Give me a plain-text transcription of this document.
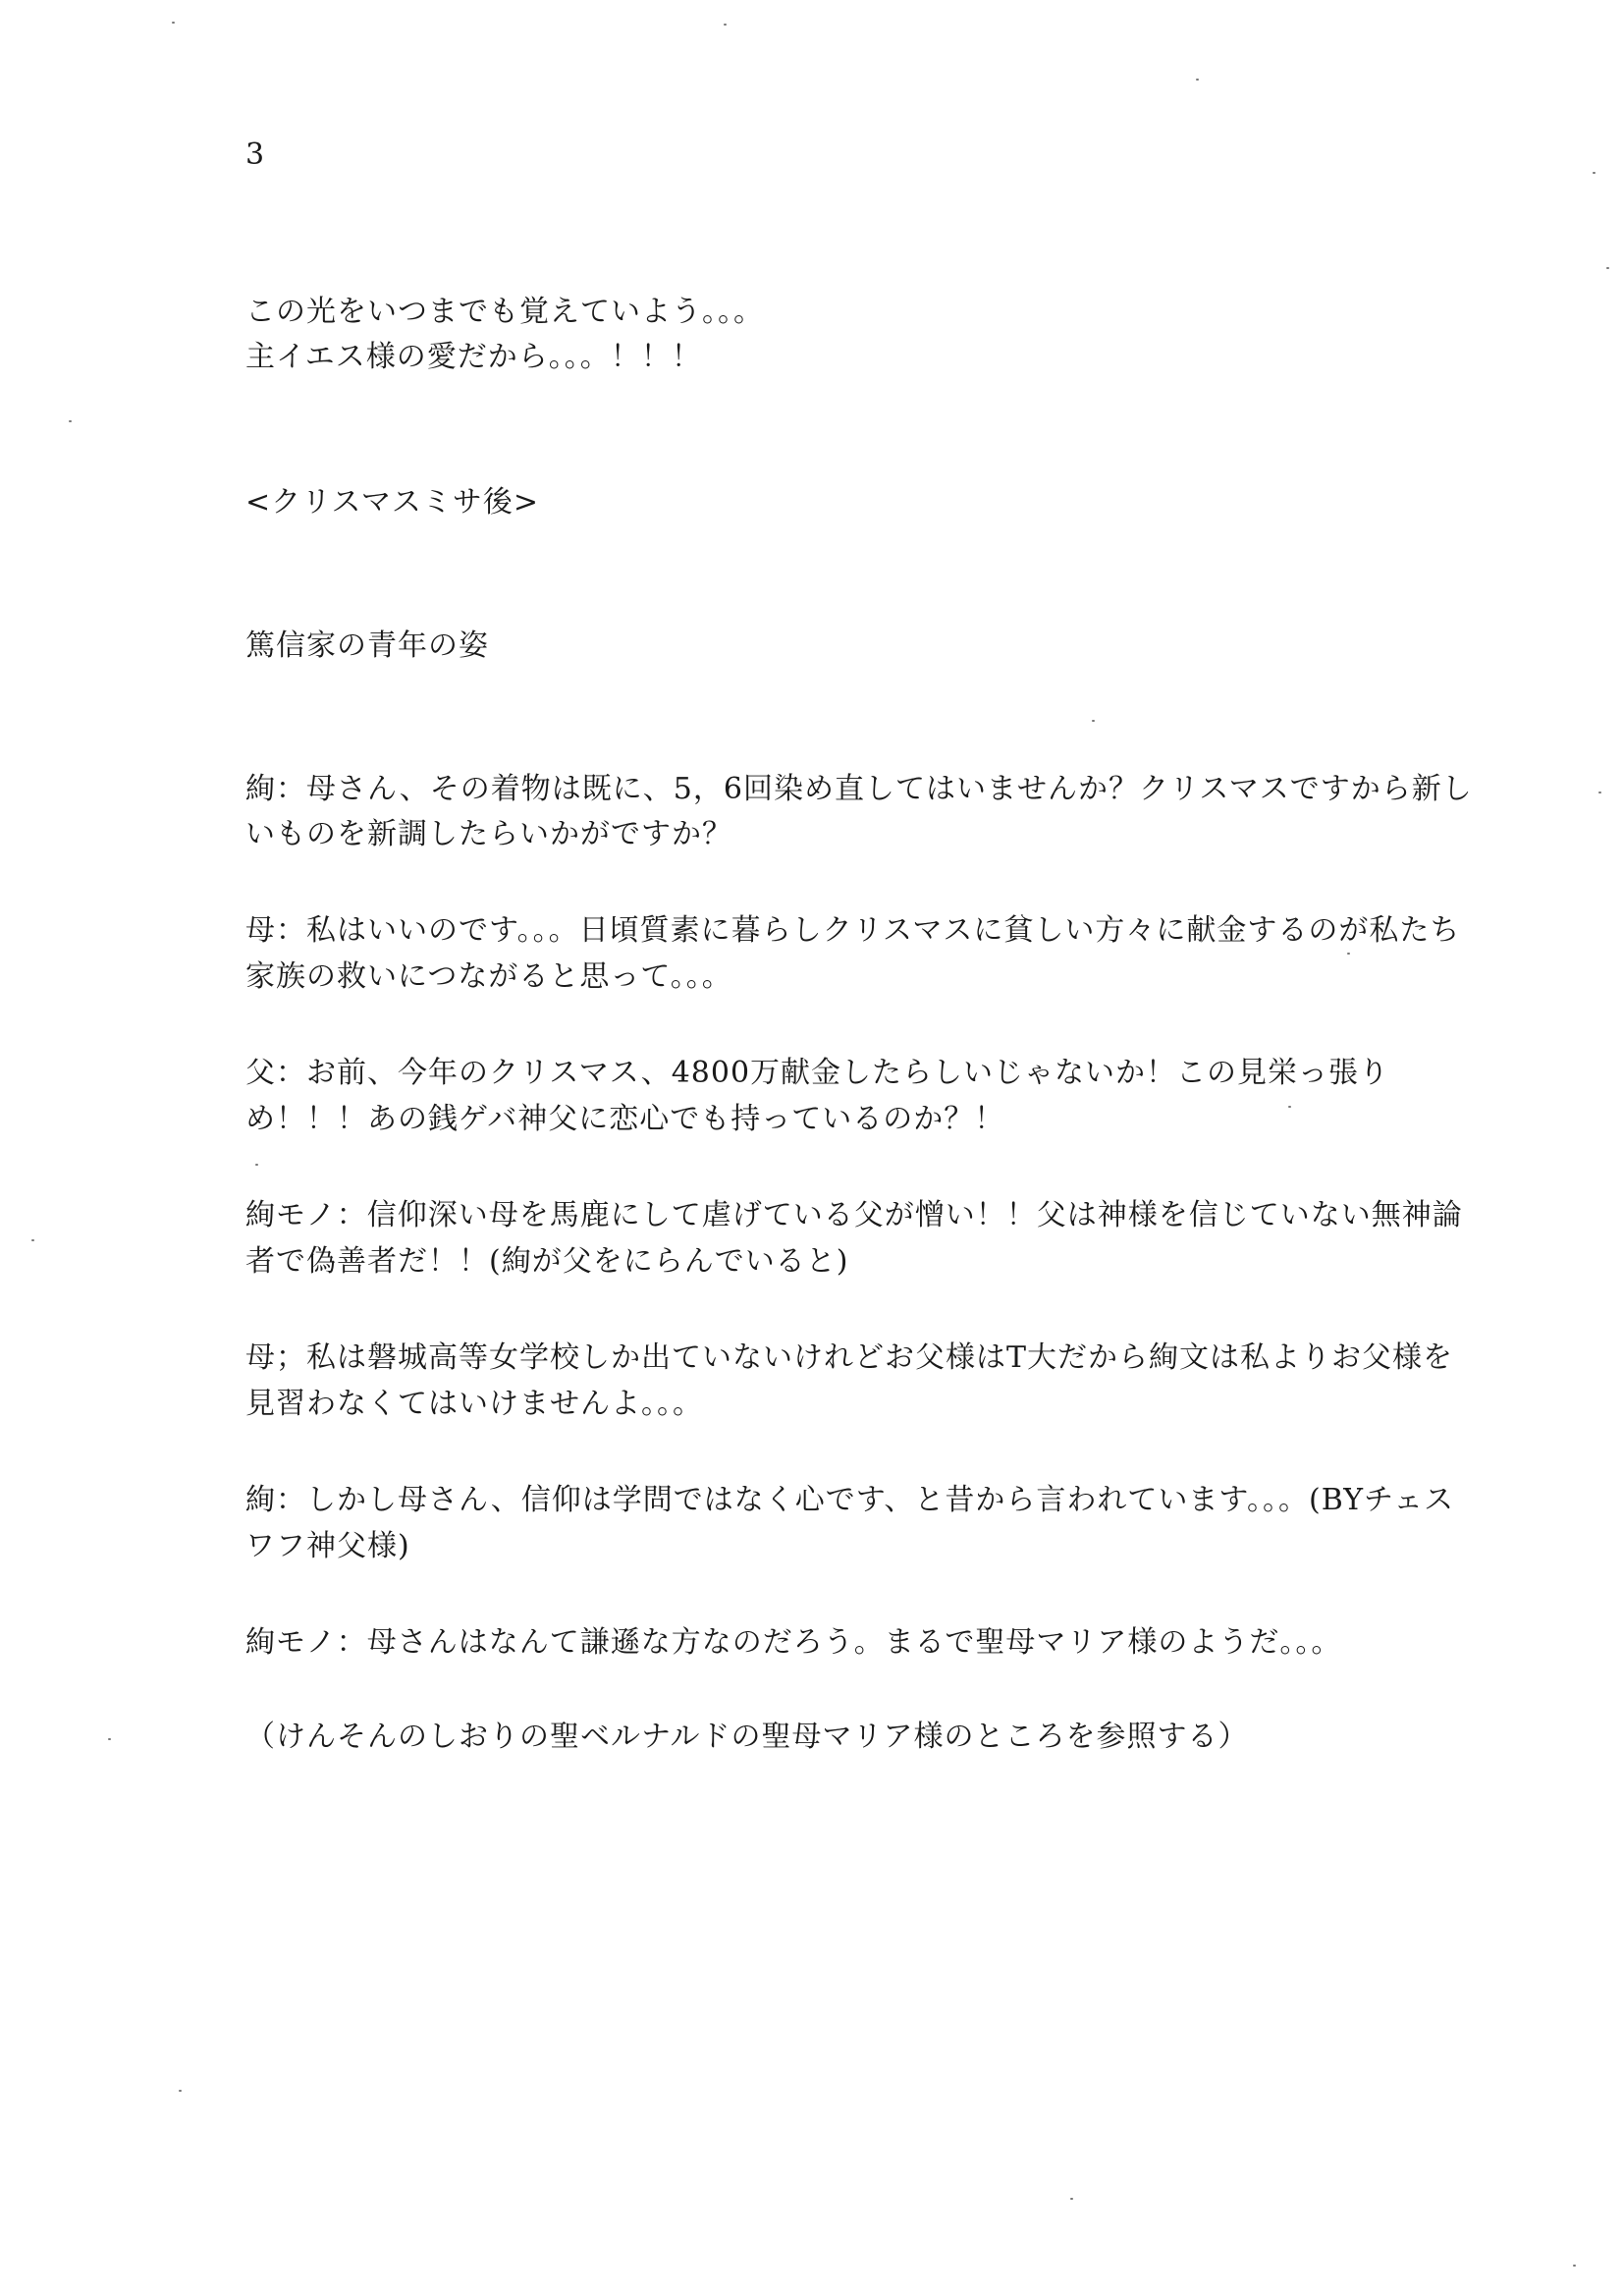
3
この光をいつまでも覚えていよう。。。
主イエス様の愛だから。。。！！！
<クリスマスミサ後>
篤信家の青年の姿
絢：母さん、その着物は既に、5，6回染め直してはいませんか？クリスマスですから新し
いものを新調したらいかがですか？
母：私はいいのです。。。日頃質素に暮らしクリスマスに貧しい方々に献金するのが私たち
家族の救いにつながると思って。。。
父：お前、今年のクリスマス、4800万献金したらしいじゃないか！この見栄っ張り
め！！！あの銭ゲバ神父に恋心でも持っているのか？！
絢モノ：信仰深い母を馬鹿にして虐げている父が憎い！！父は神様を信じていない無神論
者で偽善者だ！！(絢が父をにらんでいると)
母；私は磐城高等女学校しか出ていないけれどお父様はT大だから絢文は私よりお父様を
見習わなくてはいけませんよ。。。
絢：しかし母さん、信仰は学問ではなく心です、と昔から言われています。。。(BYチェス
ワフ神父様)
絢モノ：母さんはなんて謙遜な方なのだろう。まるで聖母マリア様のようだ。。。
（けんそんのしおりの聖ベルナルドの聖母マリア様のところを参照する）
